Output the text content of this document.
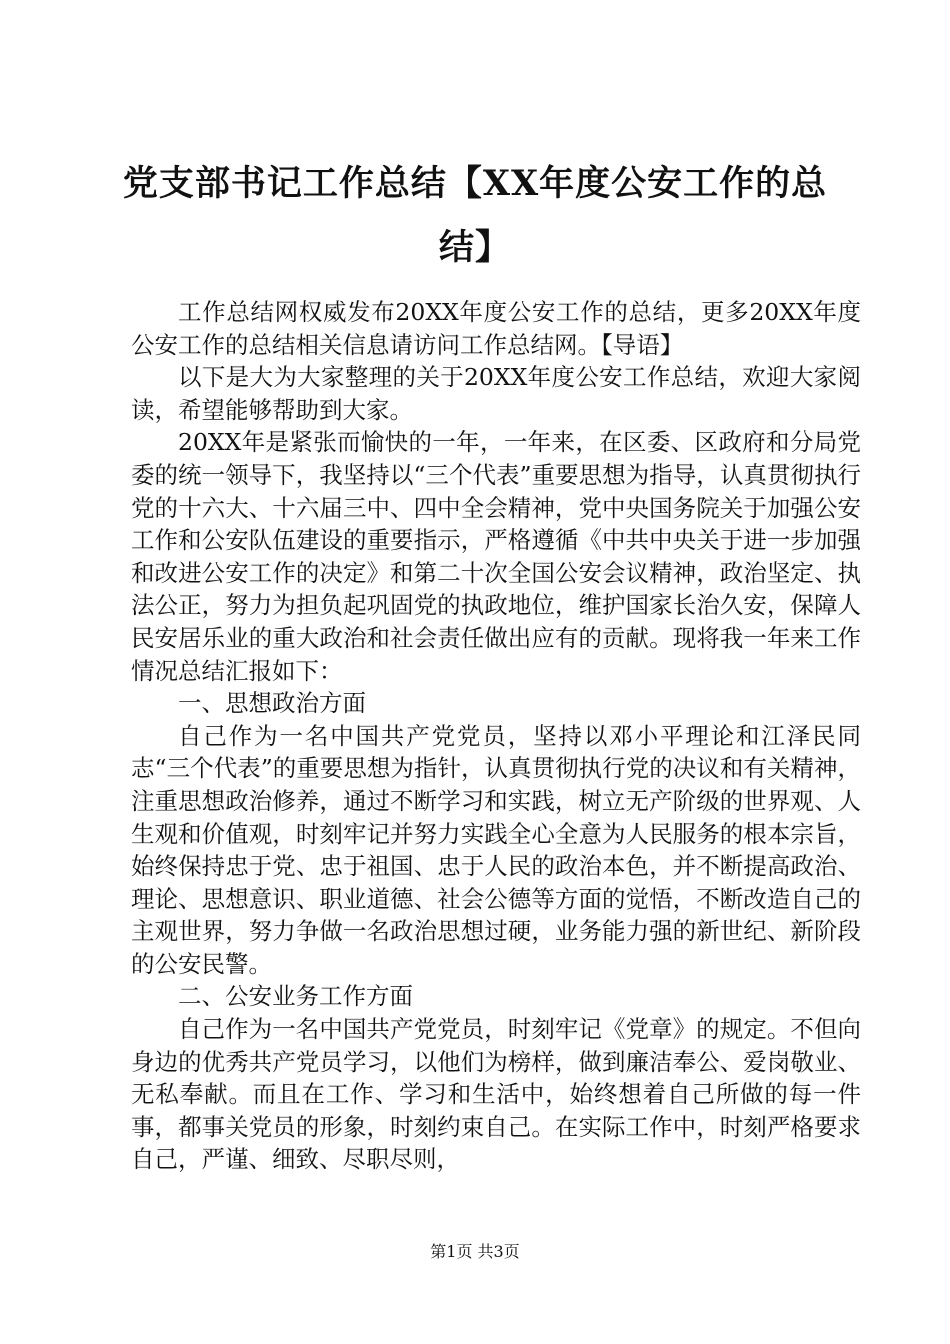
党支部书记工作总结【XX年度公安工作的总结】

工作总结网权威发布20XX年度公安工作的总结，更多20XX年度公安工作的总结相关信息请访问工作总结网。【导语】

以下是大为大家整理的关于20XX年度公安工作总结，欢迎大家阅读，希望能够帮助到大家。

20XX年是紧张而愉快的一年，一年来，在区委、区政府和分局党委的统一领导下，我坚持以“三个代表”重要思想为指导，认真贯彻执行党的十六大、十六届三中、四中全会精神，党中央国务院关于加强公安工作和公安队伍建设的重要指示，严格遵循《中共中央关于进一步加强和改进公安工作的决定》和第二十次全国公安会议精神，政治坚定、执法公正，努力为担负起巩固党的执政地位，维护国家长治久安，保障人民安居乐业的重大政治和社会责任做出应有的贡献。现将我一年来工作情况总结汇报如下：

一、思想政治方面

自己作为一名中国共产党党员，坚持以邓小平理论和江泽民同志“三个代表”的重要思想为指针，认真贯彻执行党的决议和有关精神，注重思想政治修养，通过不断学习和实践，树立无产阶级的世界观、人生观和价值观，时刻牢记并努力实践全心全意为人民服务的根本宗旨，始终保持忠于党、忠于祖国、忠于人民的政治本色，并不断提高政治、理论、思想意识、职业道德、社会公德等方面的觉悟，不断改造自己的主观世界，努力争做一名政治思想过硬，业务能力强的新世纪、新阶段的公安民警。

二、公安业务工作方面

自己作为一名中国共产党党员，时刻牢记《党章》的规定。不但向身边的优秀共产党员学习，以他们为榜样，做到廉洁奉公、爱岗敬业、无私奉献。而且在工作、学习和生活中，始终想着自己所做的每一件事，都事关党员的形象，时刻约束自己。在实际工作中，时刻严格要求自己，严谨、细致、尽职尽则，

第1页 共3页
